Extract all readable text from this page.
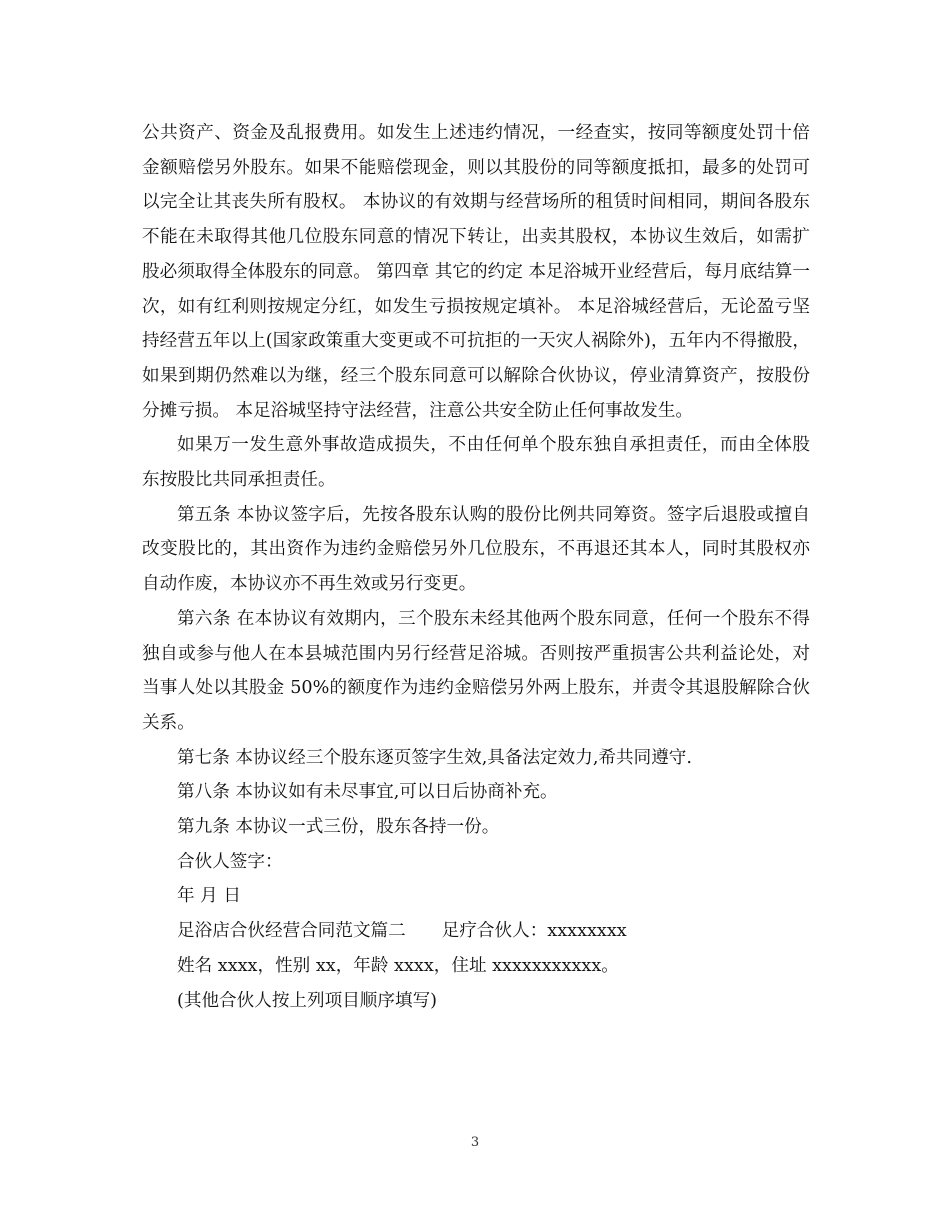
公共资产、资金及乱报费用。如发生上述违约情况，一经查实，按同等额度处罚十倍金额赔偿另外股东。如果不能赔偿现金，则以其股份的同等额度抵扣，最多的处罚可以完全让其丧失所有股权。 本协议的有效期与经营场所的租赁时间相同，期间各股东不能在未取得其他几位股东同意的情况下转让，出卖其股权，本协议生效后，如需扩股必须取得全体股东的同意。 第四章 其它的约定 本足浴城开业经营后，每月底结算一次，如有红利则按规定分红，如发生亏损按规定填补。 本足浴城经营后，无论盈亏坚持经营五年以上(国家政策重大变更或不可抗拒的一天灾人祸除外)，五年内不得撤股，如果到期仍然难以为继，经三个股东同意可以解除合伙协议，停业清算资产，按股份分摊亏损。 本足浴城坚持守法经营，注意公共安全防止任何事故发生。

如果万一发生意外事故造成损失，不由任何单个股东独自承担责任，而由全体股东按股比共同承担责任。

第五条 本协议签字后，先按各股东认购的股份比例共同筹资。签字后退股或擅自改变股比的，其出资作为违约金赔偿另外几位股东，不再退还其本人，同时其股权亦自动作废，本协议亦不再生效或另行变更。

第六条 在本协议有效期内，三个股东未经其他两个股东同意，任何一个股东不得独自或参与他人在本县城范围内另行经营足浴城。否则按严重损害公共利益论处，对当事人处以其股金 50%的额度作为违约金赔偿另外两上股东，并责令其退股解除合伙关系。

第七条 本协议经三个股东逐页签字生效,具备法定效力,希共同遵守.

第八条 本协议如有未尽事宜,可以日后协商补充。

第九条 本协议一式三份，股东各持一份。

合伙人签字：

年 月 日

足浴店合伙经营合同范文篇二 足疗合伙人：xxxxxxxx

姓名 xxxx，性别 xx，年龄 xxxx，住址 xxxxxxxxxxx。

(其他合伙人按上列项目顺序填写)

3
